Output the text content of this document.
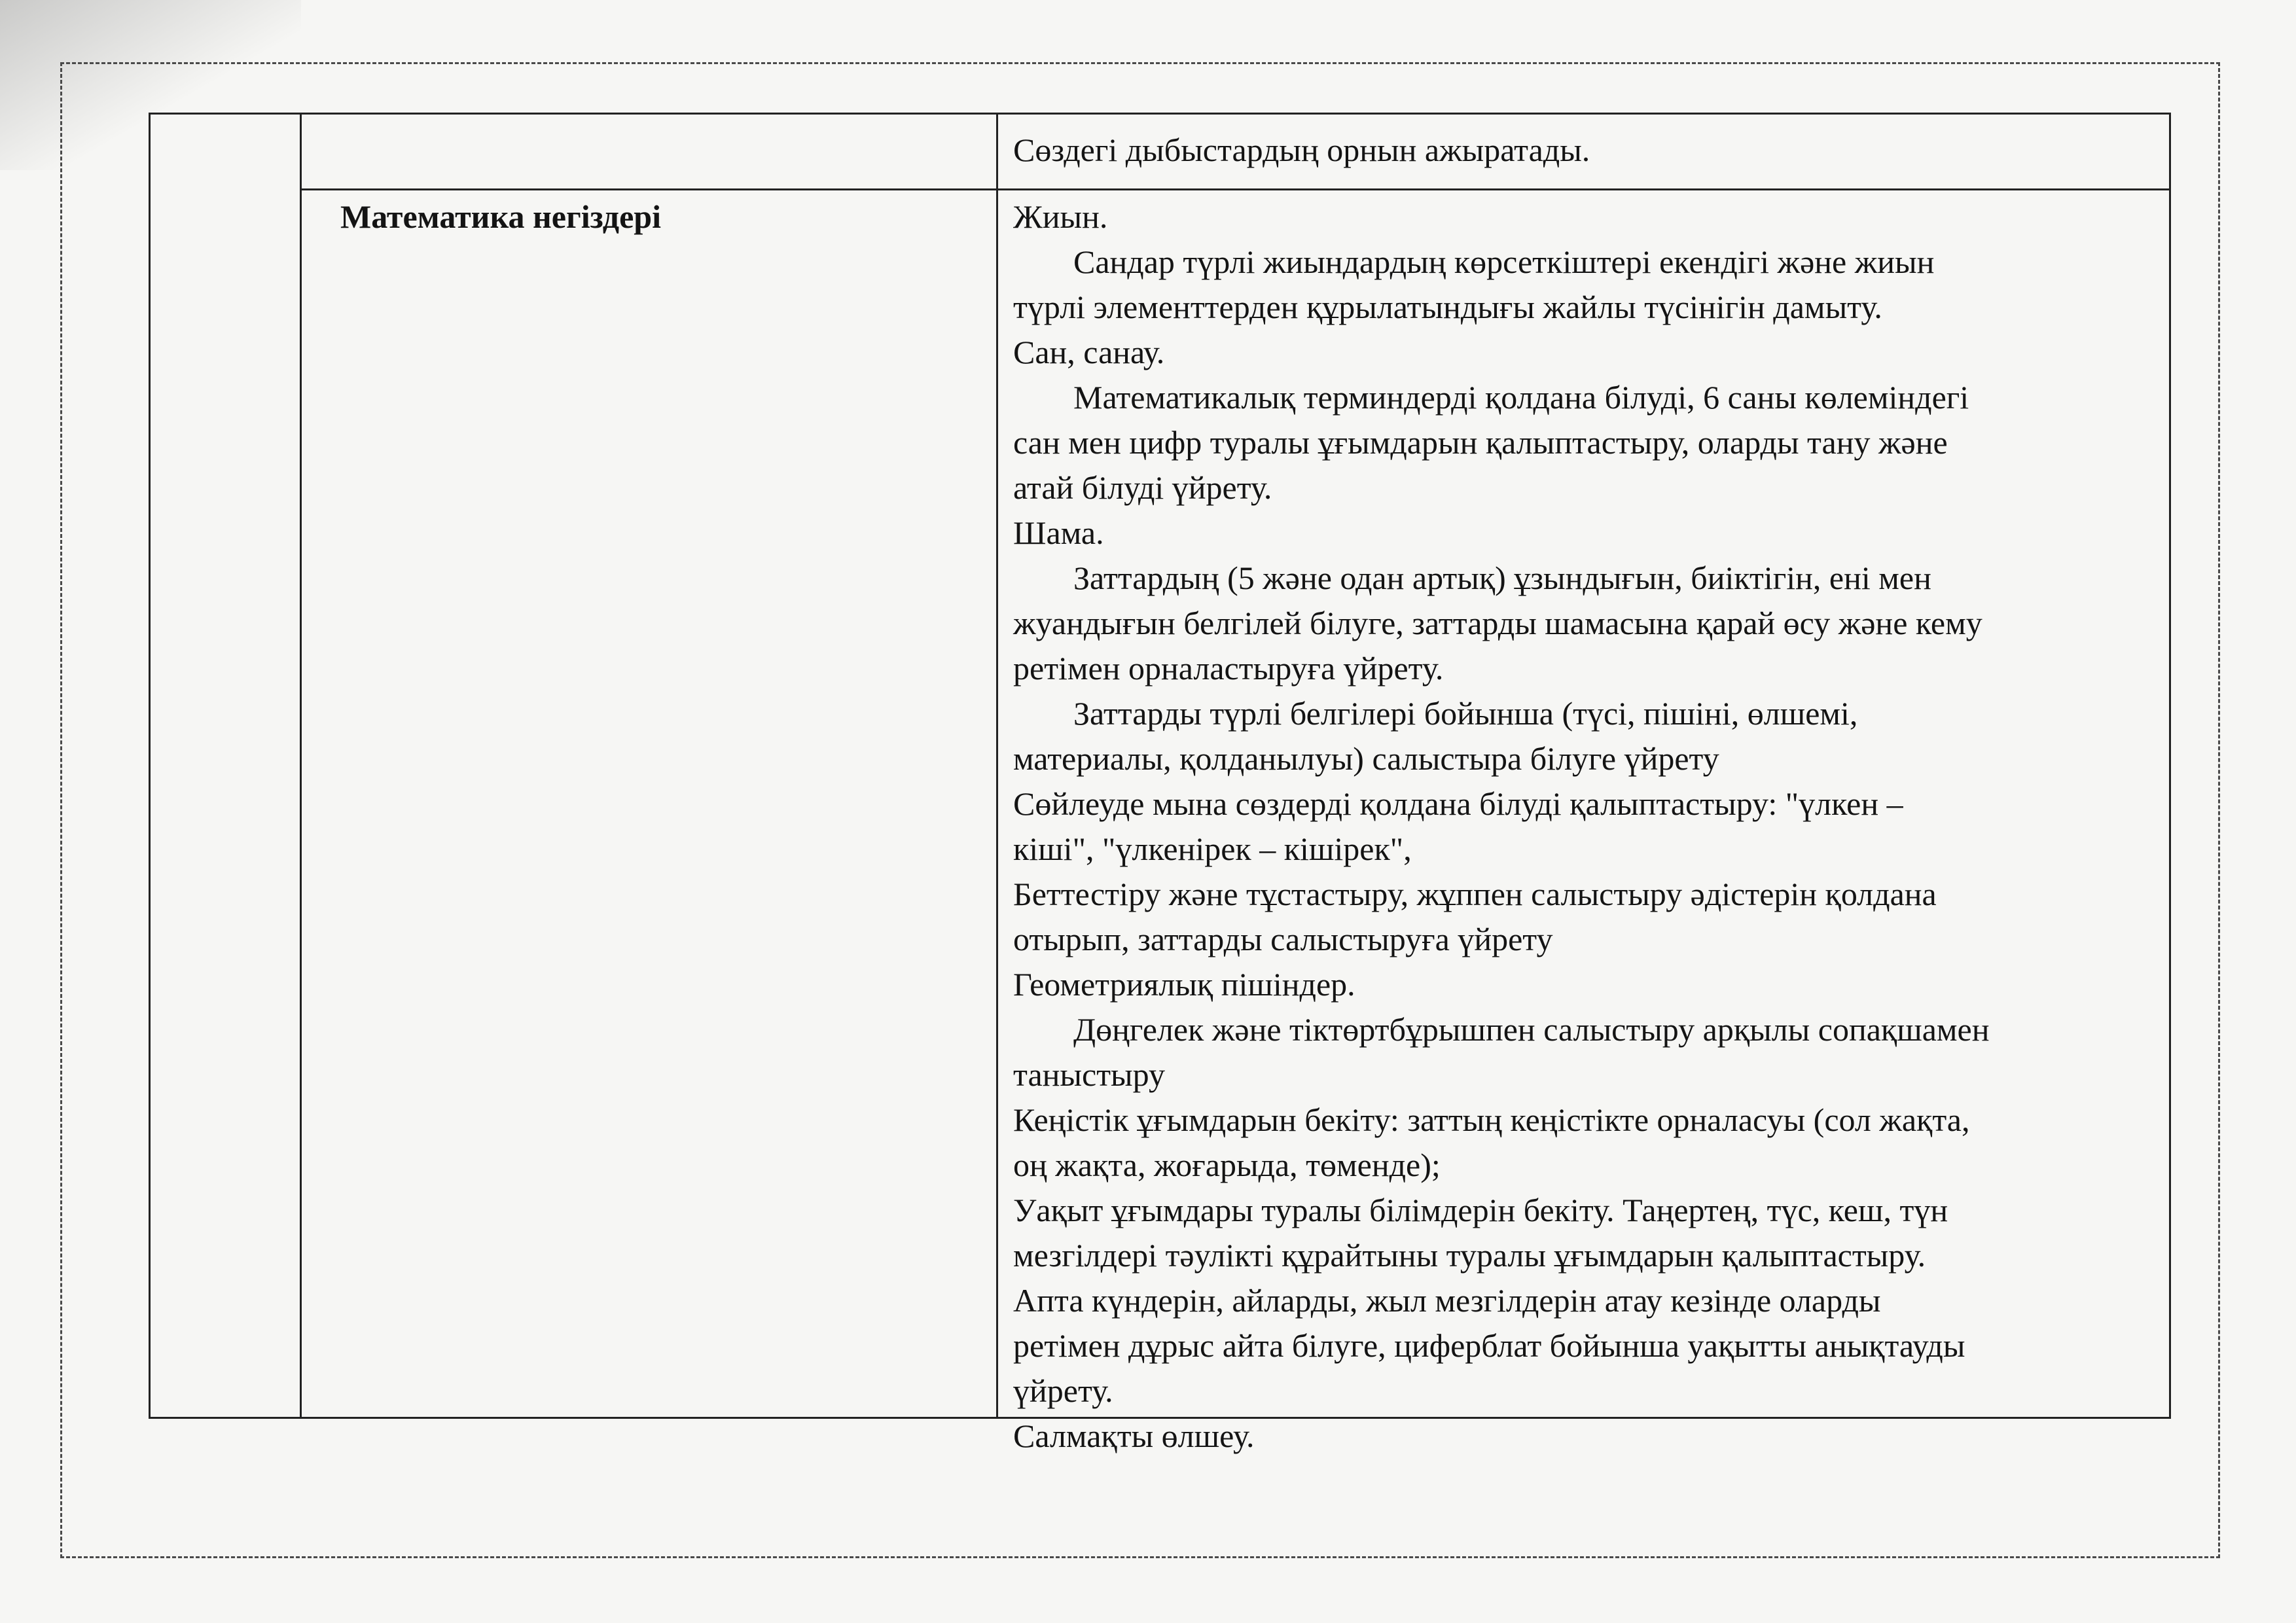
Сөздегі дыбыстардың орнын ажыратады.
Математика негіздері	Жиын.
Сандар түрлі жиындардың көрсеткіштері екендігі және жиын
түрлі элементтерден құрылатындығы жайлы түсінігін дамыту.
Сан, санау.
Математикалық терминдерді қолдана білуді, 6 саны көлеміндегі
сан мен цифр туралы ұғымдарын қалыптастыру, оларды тану және
атай білуді үйрету.
Шама.
Заттардың (5 және одан артық) ұзындығын, биіктігін, ені мен
жуандығын белгілей білуге, заттарды шамасына қарай өсу және кему
ретімен орналастыруға үйрету.
Заттарды түрлі белгілері бойынша (түсі, пішіні, өлшемі,
материалы, қолданылуы) салыстыра білуге үйрету
Сөйлеуде мына сөздерді қолдана білуді қалыптастыру: "үлкен –
кіші", "үлкенірек – кішірек",
Беттестіру және тұстастыру, жұппен салыстыру әдістерін қолдана
отырып, заттарды салыстыруға үйрету
Геометриялық пішіндер.
Дөңгелек және тіктөртбұрышпен салыстыру арқылы сопақшамен
таныстыру
Кеңістік ұғымдарын бекіту: заттың кеңістікте орналасуы (сол жақта,
оң жақта, жоғарыда, төменде);
Уақыт ұғымдары туралы білімдерін бекіту. Таңертең, түс, кеш, түн
мезгілдері тәулікті құрайтыны туралы ұғымдарын қалыптастыру.
Апта күндерін, айларды, жыл мезгілдерін атау кезінде оларды
ретімен дұрыс айта білуге, циферблат бойынша уақытты анықтауды
үйрету.
Салмақты өлшеу.
